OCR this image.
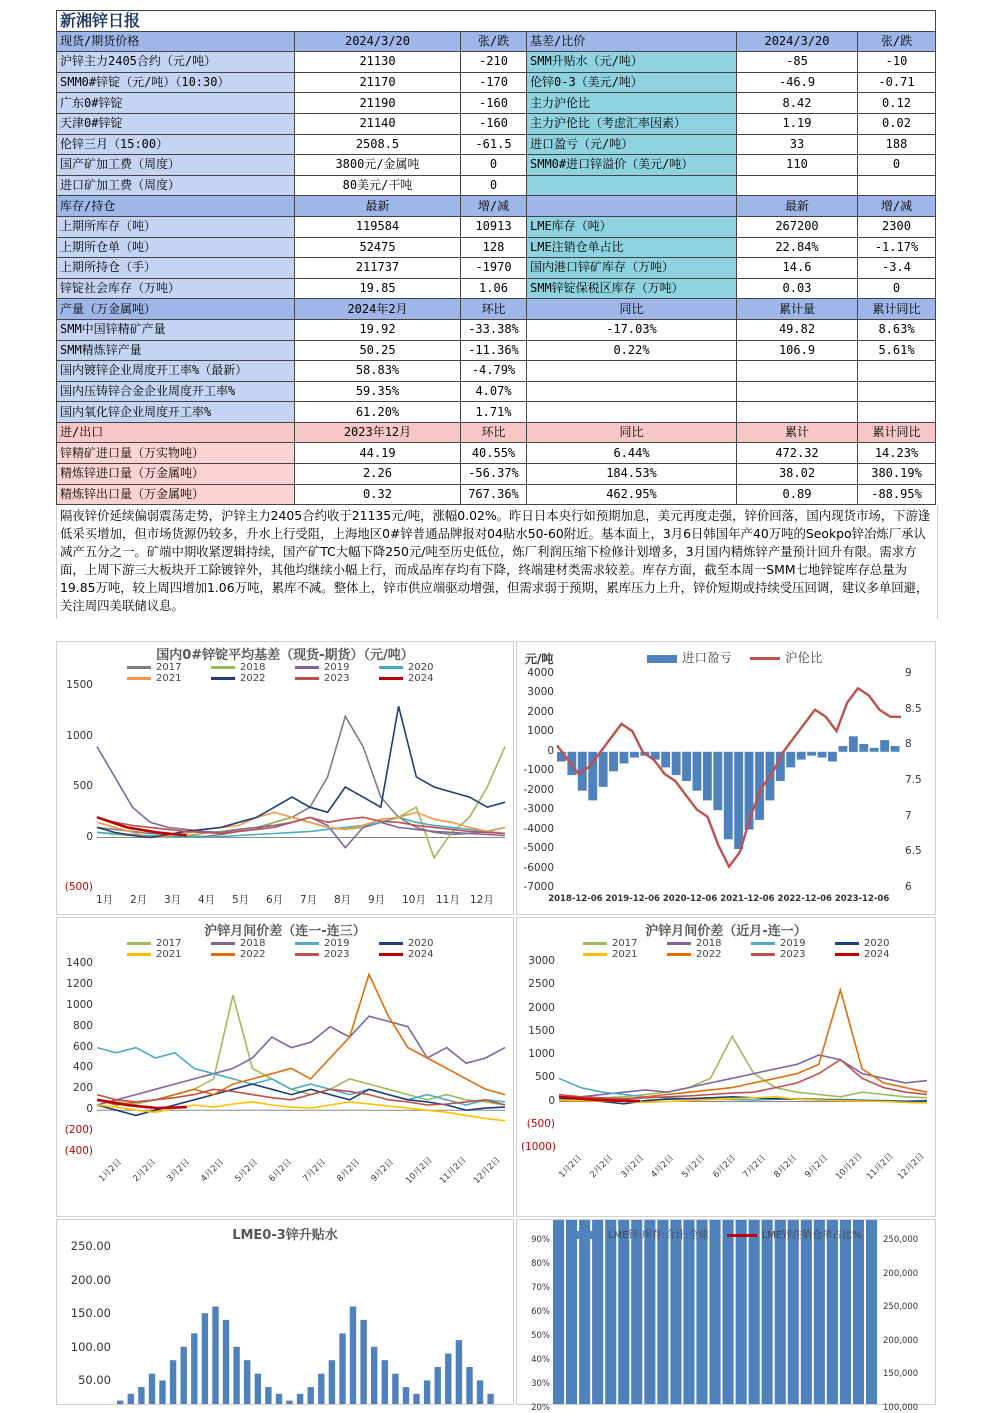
新湘锌日报					
现货/期货价格	2024/3/20	张/跌	基差/比价	2024/3/20	张/跌
沪锌主力2405合约（元/吨）	21130	-210	SMM升贴水（元/吨）	-85	-10
SMM0#锌锭（元/吨）（10:30）	21170	-170	伦锌0-3（美元/吨）	-46.9	-0.71
广东0#锌锭	21190	-160	主力沪伦比	8.42	0.12
天津0#锌锭	21140	-160	主力沪伦比（考虑汇率因素）	1.19	0.02
伦锌三月（15:00）	2508.5	-61.5	进口盈亏（元/吨）	33	188
国产矿加工费（周度）	3800元/金属吨	0	SMM0#进口锌溢价（美元/吨）	110	0
进口矿加工费（周度）	80美元/干吨	0			
库存/持仓	最新	增/减		最新	增/减
上期所库存（吨）	119584	10913	LME库存（吨）	267200	2300
上期所仓单（吨）	52475	128	LME注销仓单占比	22.84%	-1.17%
上期所持仓（手）	211737	-1970	国内港口锌矿库存（万吨）	14.6	-3.4
锌锭社会库存（万吨）	19.85	1.06	SMM锌锭保税区库存（万吨）	0.03	0
产量（万金属吨）	2024年2月	环比	同比	累计量	累计同比
SMM中国锌精矿产量	19.92	-33.38%	-17.03%	49.82	8.63%
SMM精炼锌产量	50.25	-11.36%	0.22%	106.9	5.61%
国内镀锌企业周度开工率%（最新）	58.83%	-4.79%			
国内压铸锌合金企业周度开工率%	59.35%	4.07%			
国内氧化锌企业周度开工率%	61.20%	1.71%			
进/出口	2023年12月	环比	同比	累计	累计同比
锌精矿进口量（万实物吨）	44.19	40.55%	6.44%	472.32	14.23%
精炼锌进口量（万金属吨）	2.26	-56.37%	184.53%	38.02	380.19%
精炼锌出口量（万金属吨）	0.32	767.36%	462.95%	0.89	-88.95%
隔夜锌价延续偏弱震荡走势，沪锌主力2405合约收于21135元/吨，涨幅0.02%。昨日日本央行如预期加息，美元再度走强，锌价回落，国内现货市场，下游逢低采买增加，但市场货源仍较多，升水上行受阻，上海地区0#锌普通品牌报对04贴水50-60附近。基本面上，3月6日韩国年产40万吨的Seokpo锌冶炼厂承认减产五分之一。矿端中期收紧逻辑持续，国产矿TC大幅下降250元/吨至历史低位，炼厂利润压缩下检修计划增多，3月国内精炼锌产量预计回升有限。需求方面，上周下游三大板块开工除镀锌外，其他均继续小幅上行，而成品库存均有下降，终端建材类需求较差。库存方面，截至本周一SMM七地锌锭库存总量为19.85万吨，较上周四增加1.06万吨，累库不减。整体上，锌市供应端驱动增强，但需求弱于预期，累库压力上升，锌价短期或持续受压回调，建议多单回避，关注周四美联储议息。
国内0#锌锭平均基差（现货-期货）（元/吨）
2017	2018	2019	20202021	2022	2023	2024
1500
1000
500
0
(500)
1月 2月 3月 4月 5月 6月 7月 8月 9月 10月 11月 12月
进口盈亏	沪伦比
元/吨
4000
3000
2000
1000
0
-1000
-2000
-3000
-4000
-5000
-6000
-7000
9
8.5
8
7.5
7
6.5
6
2018-12-06 2019-12-06 2020-12-06 2021-12-06 2022-12-06 2023-12-06
沪锌月间价差（连一-连三）
2017	2018	2019	20202021	2022	2023	2024
1400
1200
1000
800
600
400
200
0
(200)
(400)
1月2日 2月2日 3月2日 4月2日 5月2日 6月2日 7月2日 8月2日 9月2日 10月2日 11月2日 12月2日
沪锌月间价差（近月-连一）
2017	2018	2019	20202021	2022	2023	2024
3000
2500
2000
1500
1000
500
0
(500)
(1000)
1月2日 2月2日 3月2日 4月2日 5月2日 6月2日 7月2日 8月2日 9月2日 10月2日 11月2日 12月2日
LME0-3锌升贴水
250.00
200.00
150.00
100.00
50.00
LME锌:库存:合计:全球	LME锌注销仓单占比%
90%
80%
70%
60%
50%
40%
30%
20%
250,000
200,000
250,000
200,000
150,000
100,000
